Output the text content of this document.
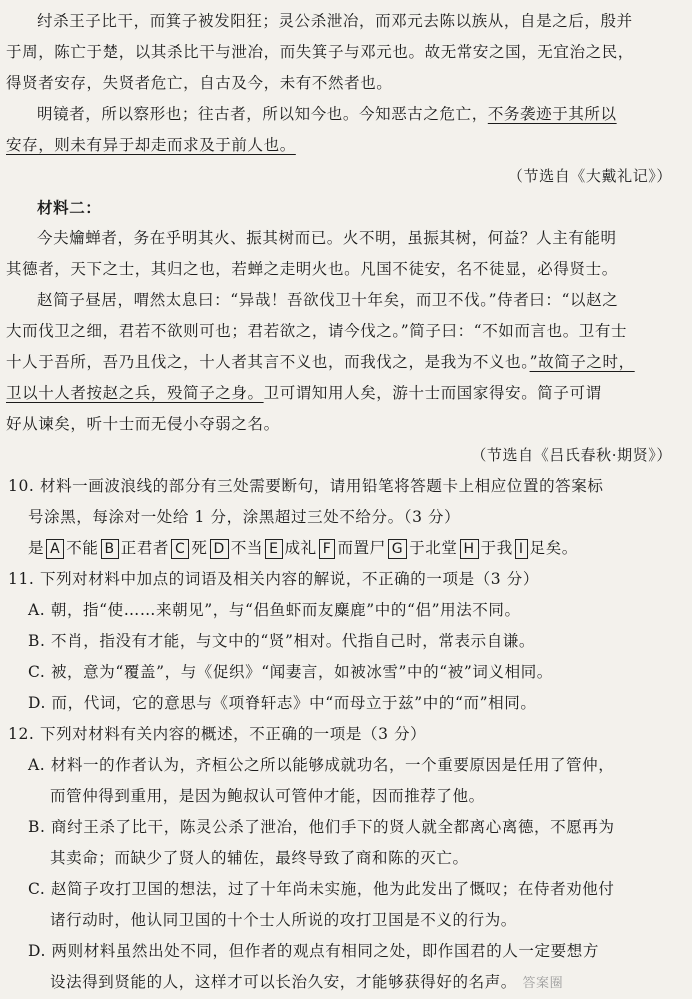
纣杀王子比干，而箕子被发阳狂；灵公杀泄冶，而邓元去陈以族从，自是之后，殷并

于周，陈亡于楚，以其杀比干与泄冶，而失箕子与邓元也。故无常安之国，无宜治之民，

得贤者安存，失贤者危亡，自古及今，未有不然者也。

明镜者，所以察形也；往古者，所以知今也。今知恶古之危亡，不务袭迹于其所以

安存，则未有异于却走而求及于前人也。

（节选自《大戴礼记》）

材料二：

今夫爚蝉者，务在乎明其火、振其树而已。火不明，虽振其树，何益？人主有能明

其德者，天下之士，其归之也，若蝉之走明火也。凡国不徒安，名不徒显，必得贤士。

赵简子昼居，喟然太息曰：“异哉！吾欲伐卫十年矣，而卫不伐。”侍者曰：“以赵之

大而伐卫之细，君若不欲则可也；君若欲之，请今伐之。”简子曰：“不如而言也。卫有士

十人于吾所，吾乃且伐之，十人者其言不义也，而我伐之，是我为不义也。”故简子之时，

卫以十人者按赵之兵，殁简子之身。卫可谓知用人矣，游十士而国家得安。简子可谓

好从谏矣，听十士而无侵小夺弱之名。

（节选自《吕氏春秋·期贤》）

10. 材料一画波浪线的部分有三处需要断句，请用铅笔将答题卡上相应位置的答案标

号涂黑，每涂对一处给 1 分，涂黑超过三处不给分。（3 分）

是 A 不能 B 正君者 C 死 D 不当 E 成礼 F 而置尸 G 于北堂 H 于我 I 足矣。

11. 下列对材料中加点的词语及相关内容的解说，不正确的一项是（3 分）

A. 朝，指“使……来朝见”，与“侣鱼虾而友麋鹿”中的“侣”用法不同。

B. 不肖，指没有才能，与文中的“贤”相对。代指自己时，常表示自谦。

C. 被，意为“覆盖”，与《促织》“闻妻言，如被冰雪”中的“被”词义相同。

D. 而，代词，它的意思与《项脊轩志》中“而母立于兹”中的“而”相同。

12. 下列对材料有关内容的概述，不正确的一项是（3 分）

A. 材料一的作者认为，齐桓公之所以能够成就功名，一个重要原因是任用了管仲，

而管仲得到重用，是因为鲍叔认可管仲才能，因而推荐了他。

B. 商纣王杀了比干，陈灵公杀了泄冶，他们手下的贤人就全都离心离德，不愿再为

其卖命；而缺少了贤人的辅佐，最终导致了商和陈的灭亡。

C. 赵简子攻打卫国的想法，过了十年尚未实施，他为此发出了慨叹；在侍者劝他付

诸行动时，他认同卫国的十个士人所说的攻打卫国是不义的行为。

D. 两则材料虽然出处不同，但作者的观点有相同之处，即作国君的人一定要想方

设法得到贤能的人，这样才可以长治久安，才能够获得好的名声。 答案圈
